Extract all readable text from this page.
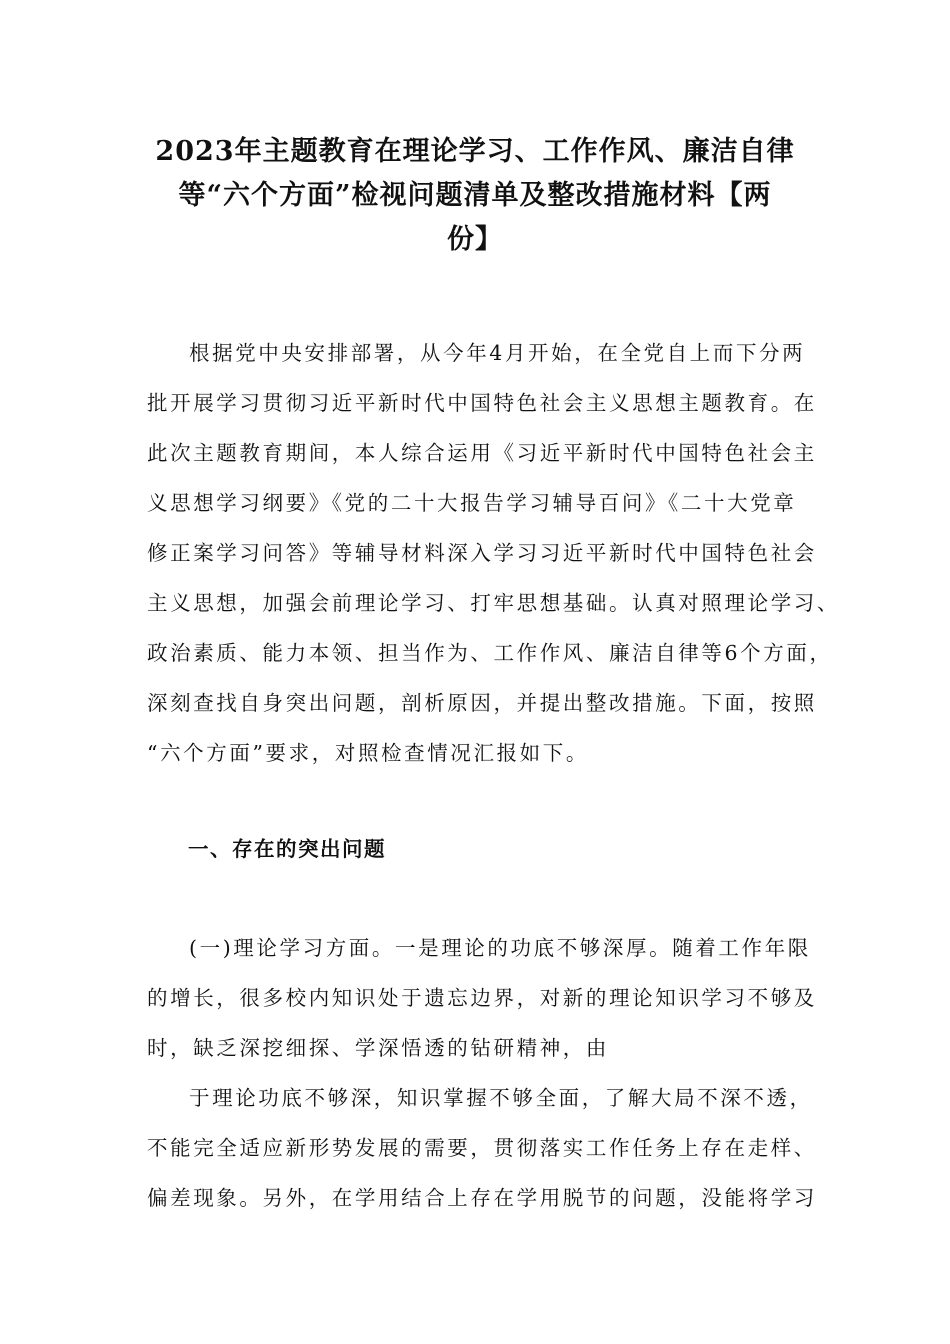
2023年主题教育在理论学习、工作作风、廉洁自律
等“六个方面”检视问题清单及整改措施材料【两
份】
根据党中央安排部署，从今年4月开始，在全党自上而下分两
批开展学习贯彻习近平新时代中国特色社会主义思想主题教育。在
此次主题教育期间，本人综合运用《习近平新时代中国特色社会主
义思想学习纲要》《党的二十大报告学习辅导百问》《二十大党章
修正案学习问答》等辅导材料深入学习习近平新时代中国特色社会
主义思想，加强会前理论学习、打牢思想基础。认真对照理论学习、
政治素质、能力本领、担当作为、工作作风、廉洁自律等6个方面，
深刻查找自身突出问题，剖析原因，并提出整改措施。下面，按照
“六个方面”要求，对照检查情况汇报如下。
一、存在的突出问题
(一)理论学习方面。一是理论的功底不够深厚。随着工作年限
的增长，很多校内知识处于遗忘边界，对新的理论知识学习不够及
时，缺乏深挖细探、学深悟透的钻研精神，由
于理论功底不够深，知识掌握不够全面，了解大局不深不透，
不能完全适应新形势发展的需要，贯彻落实工作任务上存在走样、
偏差现象。另外，在学用结合上存在学用脱节的问题，没能将学习
